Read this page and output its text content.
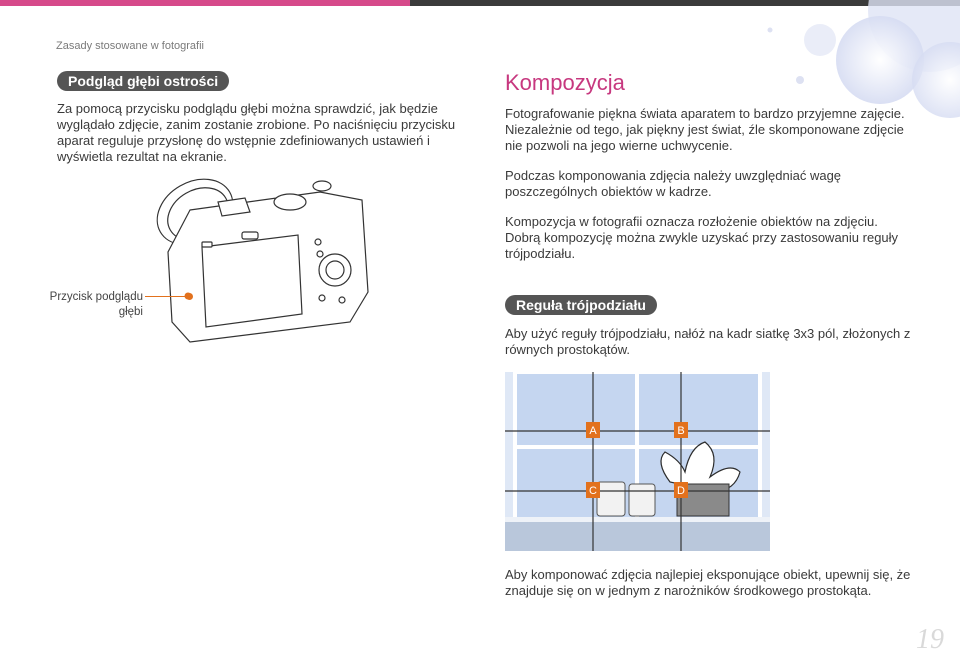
Zasady stosowane w fotografii
Podgląd głębi ostrości
Za pomocą przycisku podglądu głębi można sprawdzić, jak będzie
wyglądało zdjęcie, zanim zostanie zrobione. Po naciśnięciu przycisku
aparat reguluje przysłonę do wstępnie zdefiniowanych ustawień i
wyświetla rezultat na ekranie.
Przycisk podglądu
głębi
Kompozycja
Fotografowanie piękna świata aparatem to bardzo przyjemne zajęcie.
Niezależnie od tego, jak piękny jest świat, źle skomponowane zdjęcie
nie pozwoli na jego wierne uchwycenie.
Podczas komponowania zdjęcia należy uwzględniać wagę
poszczególnych obiektów w kadrze.
Kompozycja w fotografii oznacza rozłożenie obiektów na zdjęciu.
Dobrą kompozycję można zwykle uzyskać przy zastosowaniu reguły
trójpodziału.
Reguła trójpodziału
Aby użyć reguły trójpodziału, nałóż na kadr siatkę 3x3 pól, złożonych z
równych prostokątów.
A	B
C	D
Aby komponować zdjęcia najlepiej eksponujące obiekt, upewnij się, że
znajduje się on w jednym z narożników środkowego prostokąta.
19
